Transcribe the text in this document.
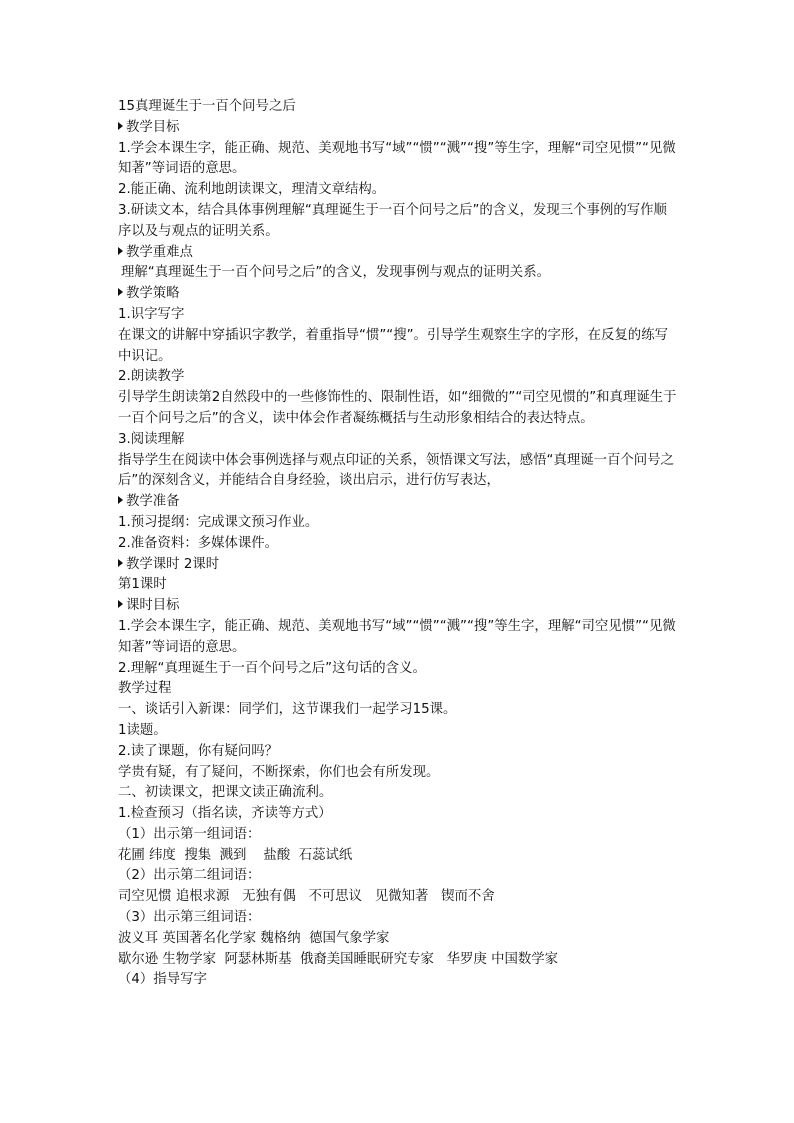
15真理诞生于一百个问号之后

教学目标

1.学会本课生字，能正确、规范、美观地书写“域”“惯”“溅”“搜”等生字，理解“司空见惯”“见微知著”等词语的意思。

2.能正确、流利地朗读课文，理清文章结构。

3.研读文本，结合具体事例理解“真理诞生于一百个问号之后”的含义，发现三个事例的写作顺序以及与观点的证明关系。

教学重难点

理解“真理诞生于一百个问号之后”的含义，发现事例与观点的证明关系。

教学策略

1.识字写字

在课文的讲解中穿插识字教学，着重指导“惯”“搜”。引导学生观察生字的字形，在反复的练写中识记。

2.朗读教学

引导学生朗读第2自然段中的一些修饰性的、限制性语，如“细微的”“司空见惯的”和真理诞生于一百个问号之后”的含义，读中体会作者凝练概括与生动形象相结合的表达特点。

3.阅读理解

指导学生在阅读中体会事例选择与观点印证的关系，领悟课文写法，感悟“真理诞一百个问号之后”的深刻含义，并能结合自身经验，谈出启示，进行仿写表达，

教学准备

1.预习提纲：完成课文预习作业。

2.准备资料：多媒体课件。

教学课时 2课时

第1课时

课时目标

1.学会本课生字，能正确、规范、美观地书写“域”“惯”“溅”“搜”等生字，理解“司空见惯”“见微知著”等词语的意思。

2.理解“真理诞生于一百个问号之后”这句话的含义。

教学过程

一、谈话引入新课：同学们，这节课我们一起学习15课。

1读题。

2.读了课题，你有疑问吗？

学贵有疑，有了疑问，不断探索，你们也会有所发现。

二、初读课文，把课文读正确流利。

1.检查预习（指名读，齐读等方式）

（1）出示第一组词语：

花圃 纬度  搜集  溅到    盐酸  石蕊试纸

（2）出示第二组词语：

司空见惯 追根求源   无独有偶   不可思议   见微知著   锲而不舍

（3）出示第三组词语：

波义耳 英国著名化学家 魏格纳  德国气象学家

歇尔逊 生物学家  阿瑟林斯基  俄裔美国睡眠研究专家   华罗庚 中国数学家

（4）指导写字
